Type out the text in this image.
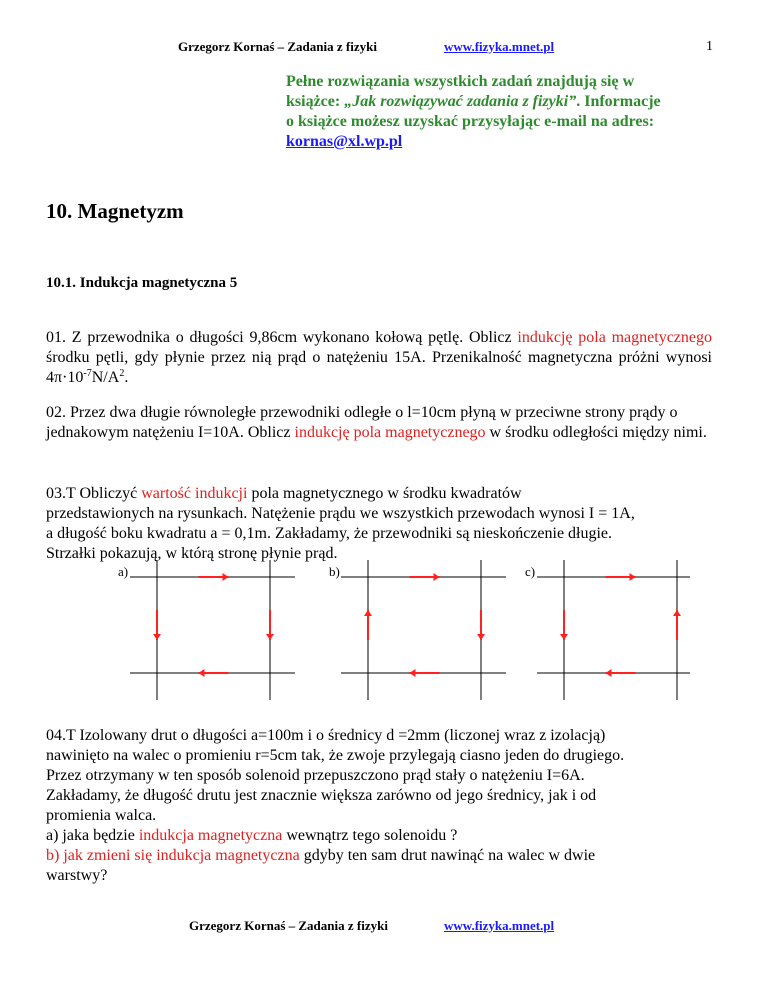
Grzegorz Kornaś – Zadania z fizyki	www.fizyka.mnet.pl	1
Pełne rozwiązania wszystkich zadań znajdują się w
książce: „Jak rozwiązywać zadania z fizyki”. Informacje
o książce możesz uzyskać przysyłając e-mail na adres:
kornas@xl.wp.pl
10. Magnetyzm
10.1. Indukcja magnetyczna 5
01. Z przewodnika o długości 9,86cm wykonano kołową pętlę. Oblicz indukcję pola magnetycznego środku pętli, gdy płynie przez nią prąd o natężeniu 15A. Przenikalność magnetyczna próżni wynosi $4\pi\cdot 10^{-7}N/A^2$.
02. Przez dwa długie równoległe przewodniki odległe o l=10cm płyną w przeciwne strony prądy o jednakowym natężeniu I=10A. Oblicz indukcję pola magnetycznego w środku odległości między nimi.
03.T Obliczyć wartość indukcji pola magnetycznego w środku kwadratów
przedstawionych na rysunkach. Natężenie prądu we wszystkich przewodach wynosi I = 1A,
a długość boku kwadratu a = 0,1m. Zakładamy, że przewodniki są nieskończenie długie.
Strzałki pokazują, w którą stronę płynie prąd.
a)	b)	c)
04.T Izolowany drut o długości a=100m i o średnicy d =2mm (liczonej wraz z izolacją)
nawinięto na walec o promieniu r=5cm tak, że zwoje przylegają ciasno jeden do drugiego.
Przez otrzymany w ten sposób solenoid przepuszczono prąd stały o natężeniu I=6A.
Zakładamy, że długość drutu jest znacznie większa zarówno od jego średnicy, jak i od
promienia walca.
a) jaka będzie indukcja magnetyczna wewnątrz tego solenoidu ?
b) jak zmieni się indukcja magnetyczna gdyby ten sam drut nawinąć na walec w dwie
warstwy?
Grzegorz Kornaś – Zadania z fizyki	www.fizyka.mnet.pl
